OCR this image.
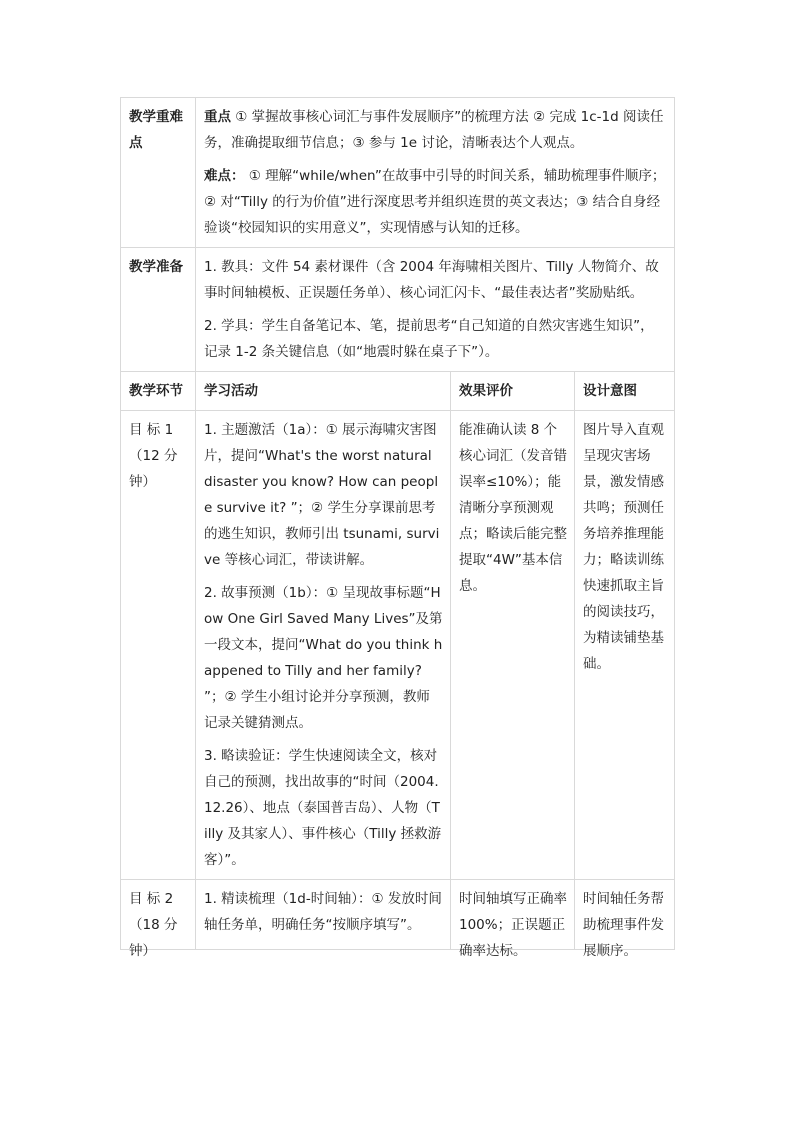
教学重难点	重点 ① 掌握故事核心词汇与事件发展顺序”的梳理方法 ② 完成 1c-1d 阅读任务，准确提取细节信息；③ 参与 1e 讨论，清晰表达个人观点。

难点： ① 理解“while/when”在故事中引导的时间关系，辅助梳理事件顺序；② 对“Tilly 的行为价值”进行深度思考并组织连贯的英文表达；③ 结合自身经验谈“校园知识的实用意义”，实现情感与认知的迁移。		

教学准备	1. 教具：文件 54 素材课件（含 2004 年海啸相关图片、Tilly 人物简介、故事时间轴模板、正误题任务单）、核心词汇闪卡、“最佳表达者”奖励贴纸。

2. 学具：学生自备笔记本、笔，提前思考“自己知道的自然灾害逃生知识”，记录 1-2 条关键信息（如“地震时躲在桌子下”）。		

教学环节	学习活动	效果评价	设计意图
目 标 1（12 分钟）	1. 主题激活（1a）：① 展示海啸灾害图片，提问“What's the worst natural disaster you know? How can people survive it? ”；② 学生分享课前思考的逃生知识，教师引出 tsunami, survive 等核心词汇，带读讲解。

2. 故事预测（1b）：① 呈现故事标题“How One Girl Saved Many Lives”及第一段文本，提问“What do you think happened to Tilly and her family? ”；② 学生小组讨论并分享预测，教师记录关键猜测点。

3. 略读验证：学生快速阅读全文，核对自己的预测，找出故事的“时间（2004.12.26）、地点（泰国普吉岛）、人物（Tilly 及其家人）、事件核心（Tilly 拯救游客）”。	能准确认读 8 个核心词汇（发音错误率≤10%）；能清晰分享预测观点；略读后能完整提取“4W”基本信息。	图片导入直观呈现灾害场景，激发情感共鸣；预测任务培养推理能力；略读训练快速抓取主旨的阅读技巧，为精读铺垫基础。

目 标 2（18 分钟）	1. 精读梳理（1d-时间轴）：① 发放时间轴任务单，明确任务“按顺序填写”。	时间轴填写正确率 100%；正误题正确率达标。	时间轴任务帮助梳理事件发展顺序。
